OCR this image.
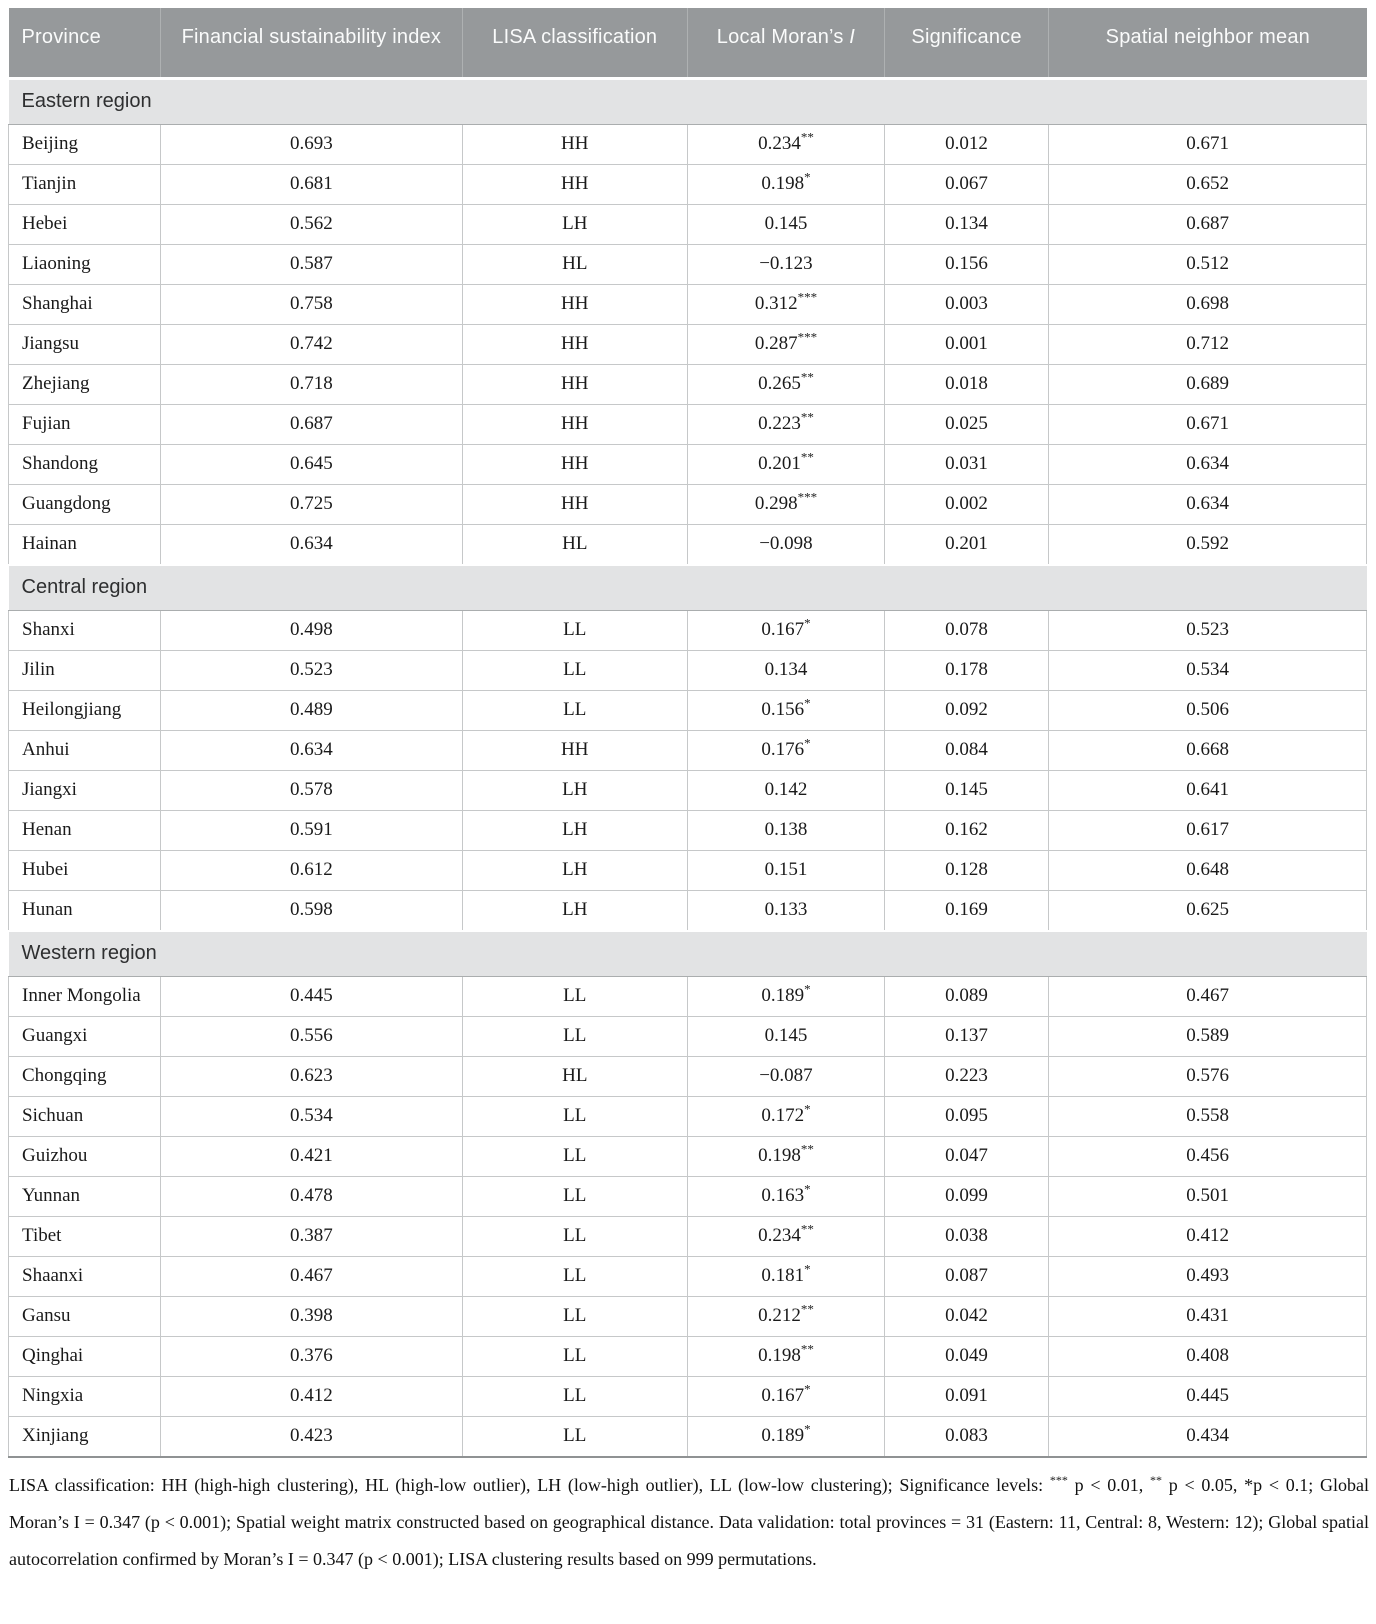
Province	Financial sustainability index	LISA classification	Local Moran’s I	Significance	Spatial neighbor mean
Eastern region					
Beijing	0.693	HH	0.234**	0.012	0.671
Tianjin	0.681	HH	0.198*	0.067	0.652
Hebei	0.562	LH	0.145	0.134	0.687
Liaoning	0.587	HL	−0.123	0.156	0.512
Shanghai	0.758	HH	0.312***	0.003	0.698
Jiangsu	0.742	HH	0.287***	0.001	0.712
Zhejiang	0.718	HH	0.265**	0.018	0.689
Fujian	0.687	HH	0.223**	0.025	0.671
Shandong	0.645	HH	0.201**	0.031	0.634
Guangdong	0.725	HH	0.298***	0.002	0.634
Hainan	0.634	HL	−0.098	0.201	0.592
Central region					
Shanxi	0.498	LL	0.167*	0.078	0.523
Jilin	0.523	LL	0.134	0.178	0.534
Heilongjiang	0.489	LL	0.156*	0.092	0.506
Anhui	0.634	HH	0.176*	0.084	0.668
Jiangxi	0.578	LH	0.142	0.145	0.641
Henan	0.591	LH	0.138	0.162	0.617
Hubei	0.612	LH	0.151	0.128	0.648
Hunan	0.598	LH	0.133	0.169	0.625
Western region					
Inner Mongolia	0.445	LL	0.189*	0.089	0.467
Guangxi	0.556	LL	0.145	0.137	0.589
Chongqing	0.623	HL	−0.087	0.223	0.576
Sichuan	0.534	LL	0.172*	0.095	0.558
Guizhou	0.421	LL	0.198**	0.047	0.456
Yunnan	0.478	LL	0.163*	0.099	0.501
Tibet	0.387	LL	0.234**	0.038	0.412
Shaanxi	0.467	LL	0.181*	0.087	0.493
Gansu	0.398	LL	0.212**	0.042	0.431
Qinghai	0.376	LL	0.198**	0.049	0.408
Ningxia	0.412	LL	0.167*	0.091	0.445
Xinjiang	0.423	LL	0.189*	0.083	0.434

LISA classification: HH (high-high clustering), HL (high-low outlier), LH (low-high outlier), LL (low-low clustering); Significance levels: *** p < 0.01, ** p < 0.05, *p < 0.1; Global Moran’s I = 0.347 (p < 0.001); Spatial weight matrix constructed based on geographical distance. Data validation: total provinces = 31 (Eastern: 11, Central: 8, Western: 12); Global spatial autocorrelation confirmed by Moran’s I = 0.347 (p < 0.001); LISA clustering results based on 999 permutations.
